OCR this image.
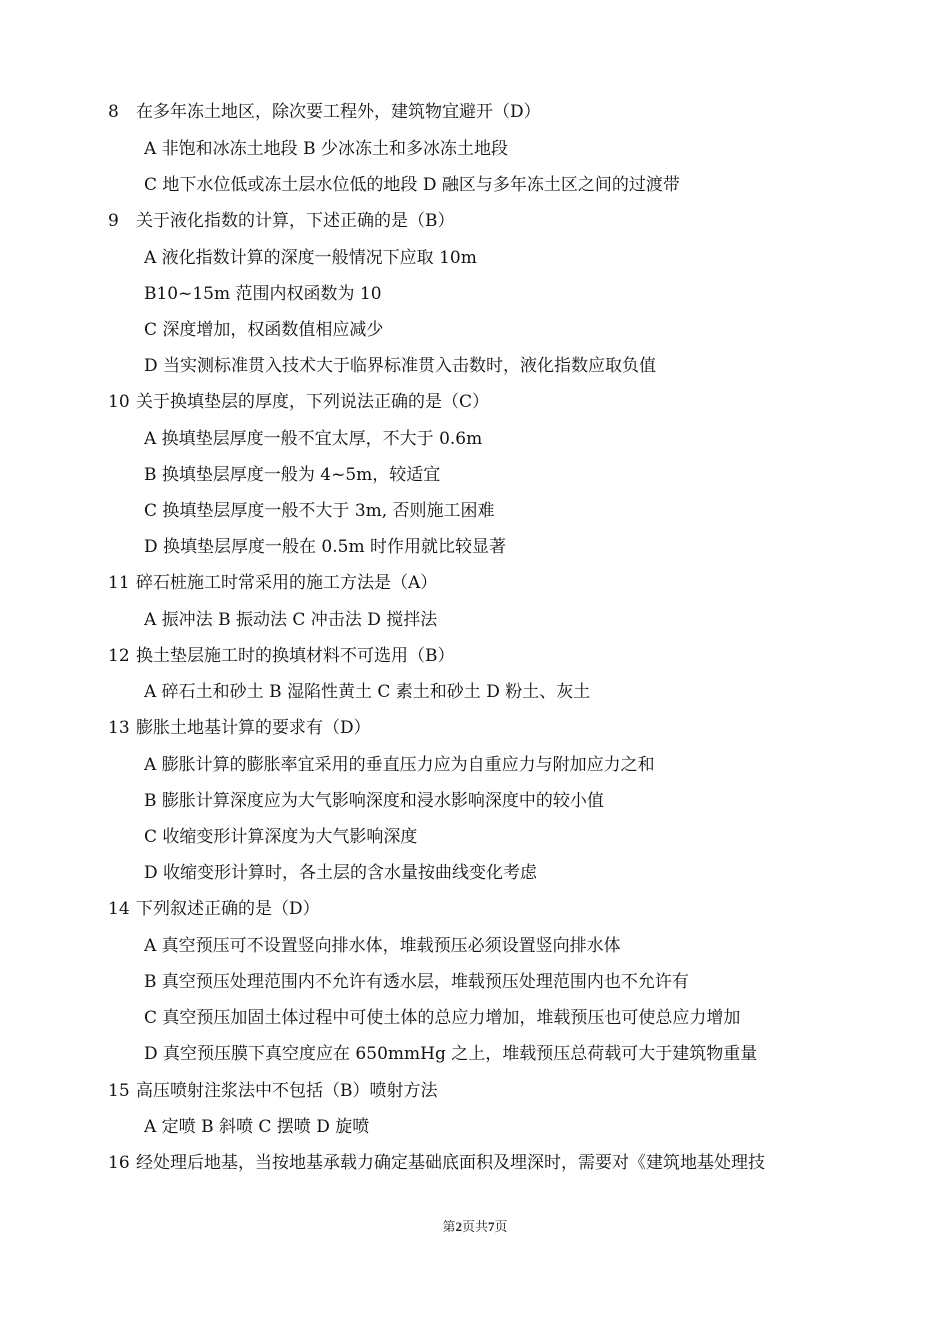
8 在多年冻土地区，除次要工程外，建筑物宜避开（D）
A 非饱和冰冻土地段 B 少冰冻土和多冰冻土地段
C 地下水位低或冻土层水位低的地段 D 融区与多年冻土区之间的过渡带
9 关于液化指数的计算，下述正确的是（B）
A 液化指数计算的深度一般情况下应取 10m
B10~15m 范围内权函数为 10
C 深度增加，权函数值相应减少
D 当实测标准贯入技术大于临界标准贯入击数时，液化指数应取负值
10 关于换填垫层的厚度，下列说法正确的是（C）
A 换填垫层厚度一般不宜太厚，不大于 0.6m
B 换填垫层厚度一般为 4~5m，较适宜
C 换填垫层厚度一般不大于 3m, 否则施工困难
D 换填垫层厚度一般在 0.5m 时作用就比较显著
11 碎石桩施工时常采用的施工方法是（A）
A 振冲法 B 振动法 C 冲击法 D 搅拌法
12 换土垫层施工时的换填材料不可选用（B）
A 碎石土和砂土 B 湿陷性黄土 C 素土和砂土 D 粉土、灰土
13 膨胀土地基计算的要求有（D）
A 膨胀计算的膨胀率宜采用的垂直压力应为自重应力与附加应力之和
B 膨胀计算深度应为大气影响深度和浸水影响深度中的较小值
C 收缩变形计算深度为大气影响深度
D 收缩变形计算时，各土层的含水量按曲线变化考虑
14 下列叙述正确的是（D）
A 真空预压可不设置竖向排水体，堆载预压必须设置竖向排水体
B 真空预压处理范围内不允许有透水层，堆载预压处理范围内也不允许有
C 真空预压加固土体过程中可使土体的总应力增加，堆载预压也可使总应力增加
D 真空预压膜下真空度应在 650mmHg 之上，堆载预压总荷载可大于建筑物重量
15 高压喷射注浆法中不包括（B）喷射方法
A 定喷 B 斜喷 C 摆喷 D 旋喷
16 经处理后地基，当按地基承载力确定基础底面积及埋深时，需要对《建筑地基处理技
第2页共7页
